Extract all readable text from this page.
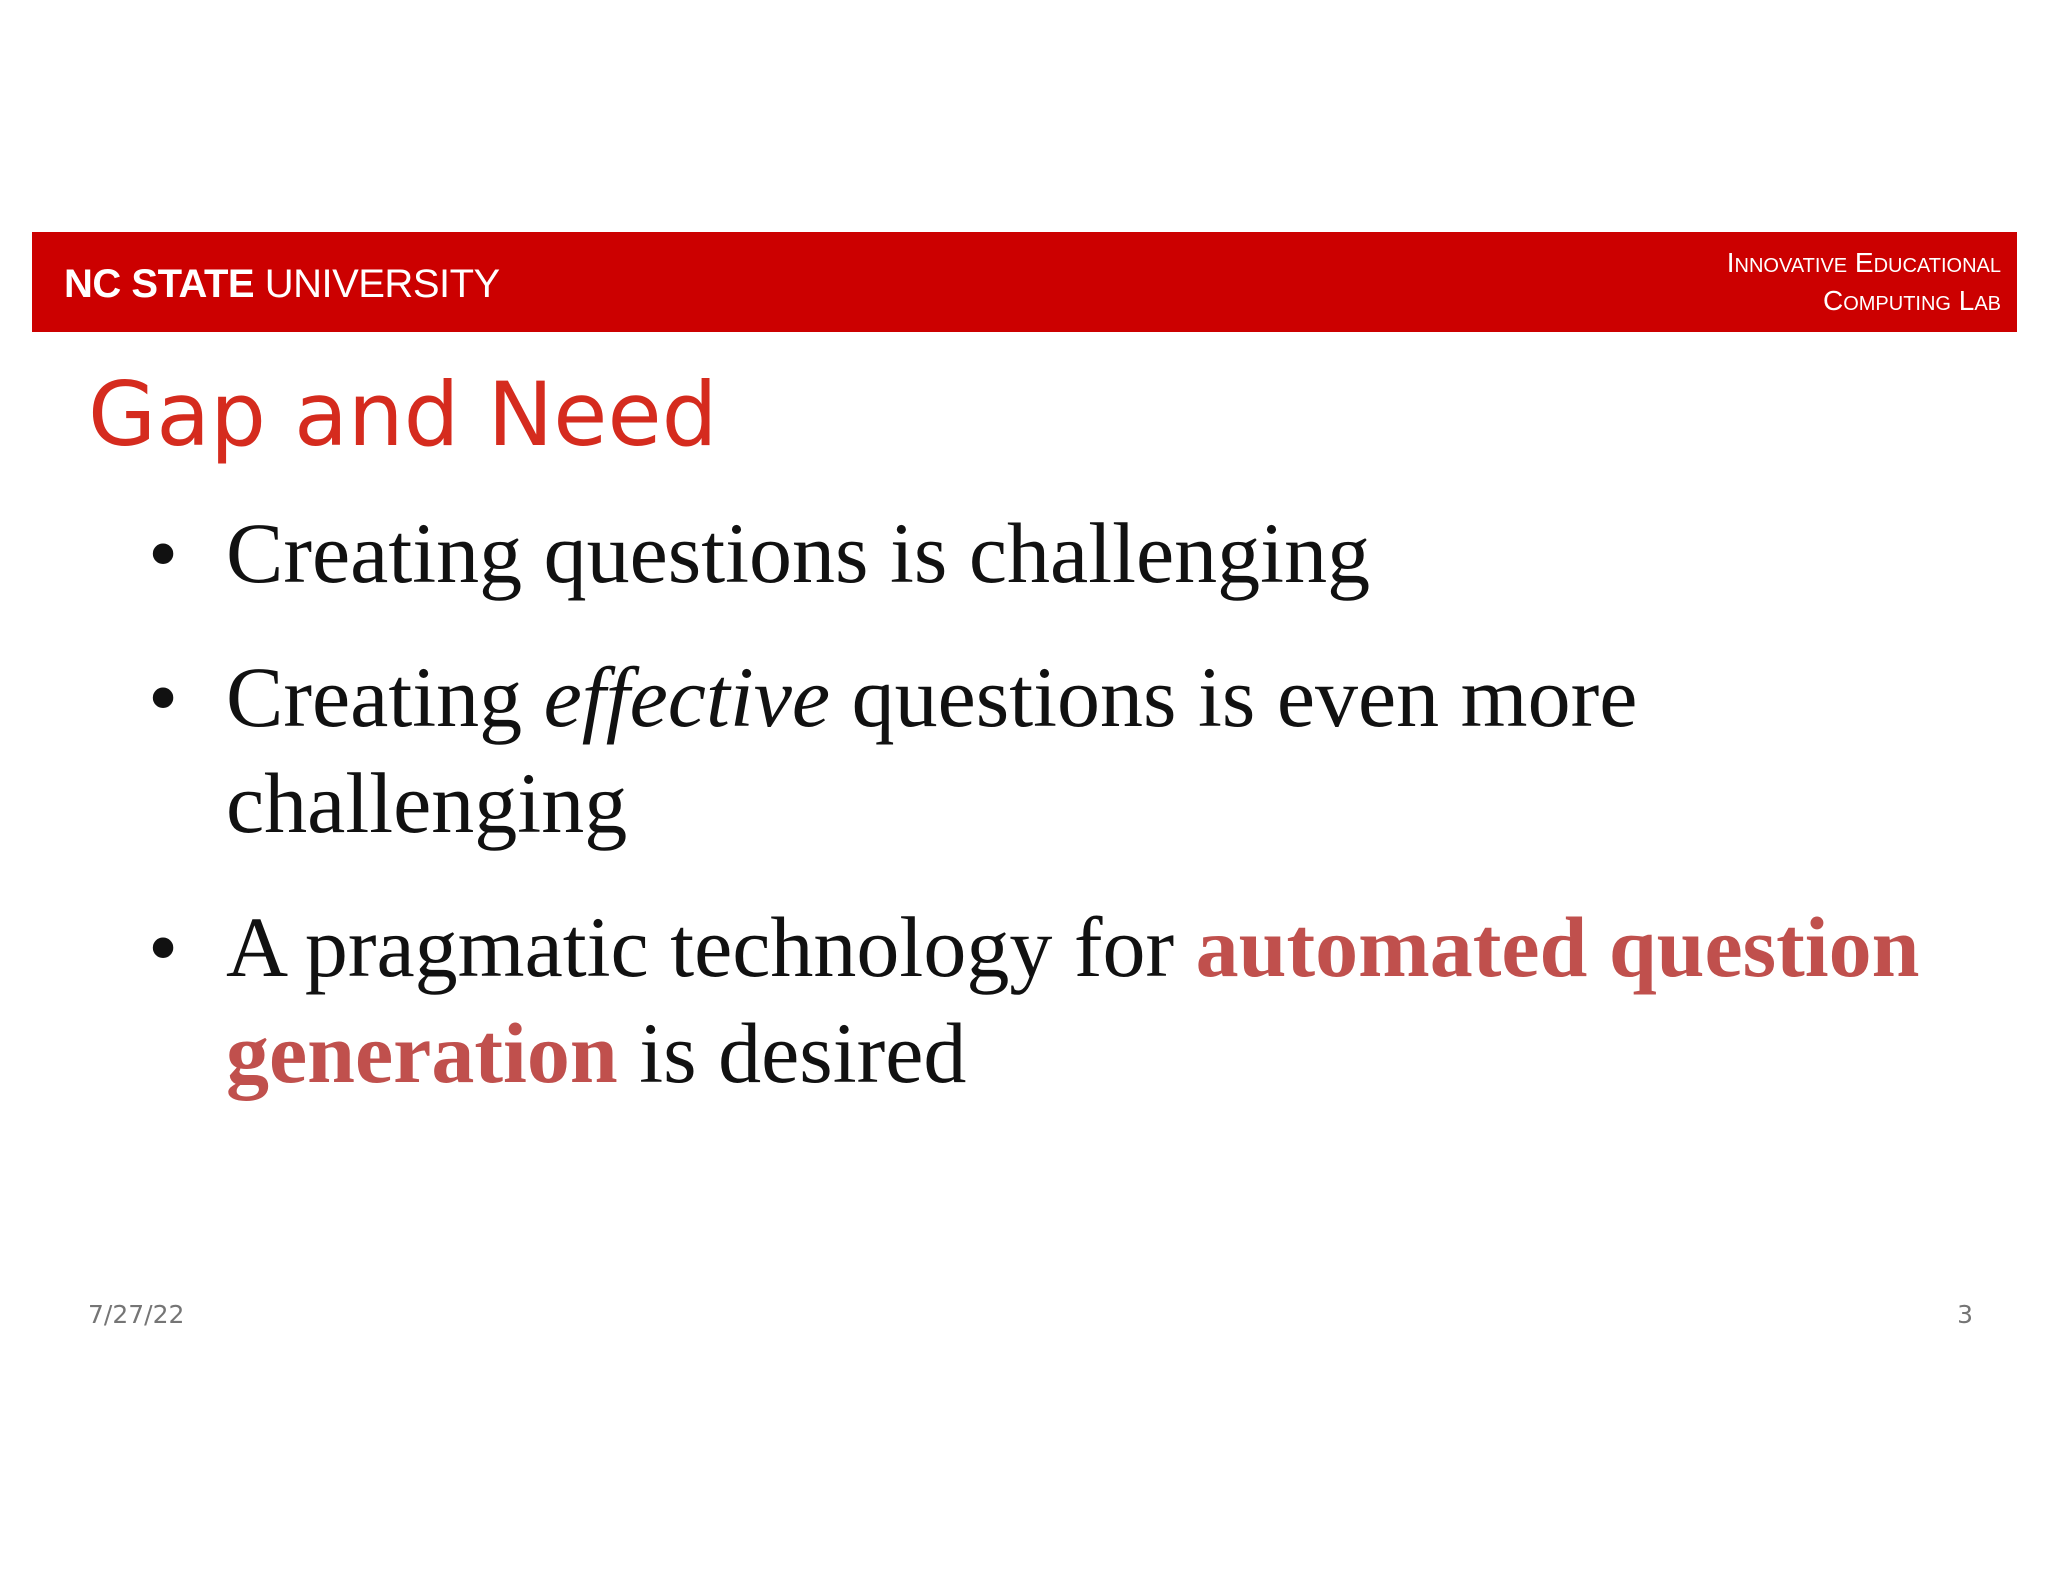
NC STATE UNIVERSITY	Innovative Educational
Computing Lab
Gap and Need
• Creating questions is challenging
• Creating effective questions is even more challenging
• A pragmatic technology for automated question generation is desired
7/27/22	3
